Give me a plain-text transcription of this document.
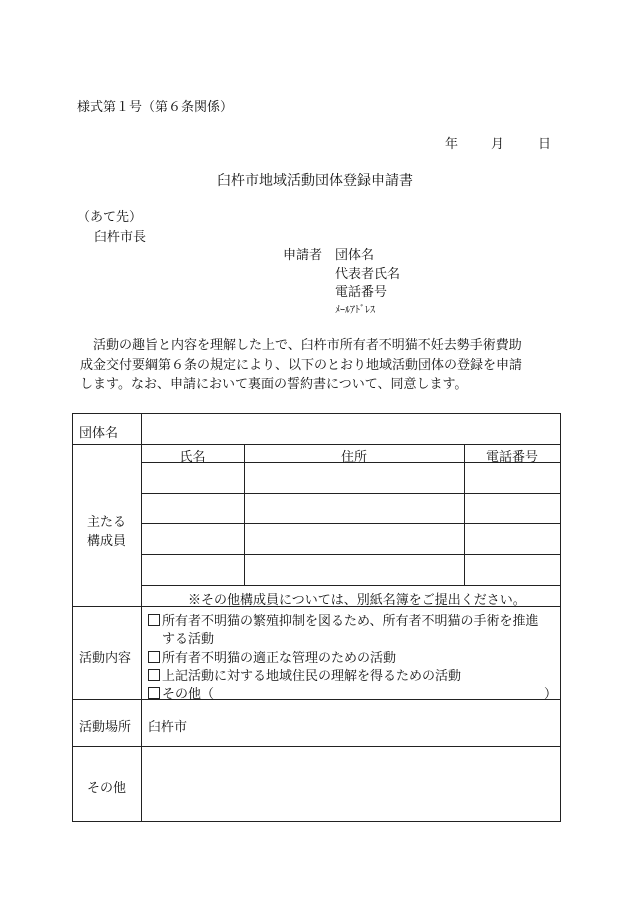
様式第１号（第６条関係）
年	月	日
臼杵市地域活動団体登録申請書
（あて先）
臼杵市長
申請者 団体名
代表者氏名
電話番号
ﾒｰﾙｱﾄﾞﾚｽ
　活動の趣旨と内容を理解した上で、臼杵市所有者不明猫不妊去勢手術費助
成金交付要綱第６条の規定により、以下のとおり地域活動団体の登録を申請
します。なお、申請において裏面の誓約書について、同意します。
団体名
主たる
構成員
氏名	住所	電話番号
※その他構成員については、別紙名簿をご提出ください。
活動内容
所有者不明猫の繁殖抑制を図るため、所有者不明猫の手術を推進
する活動
所有者不明猫の適正な管理のための活動
上記活動に対する地域住民の理解を得るための活動
その他（	）
活動場所 臼杵市
その他
